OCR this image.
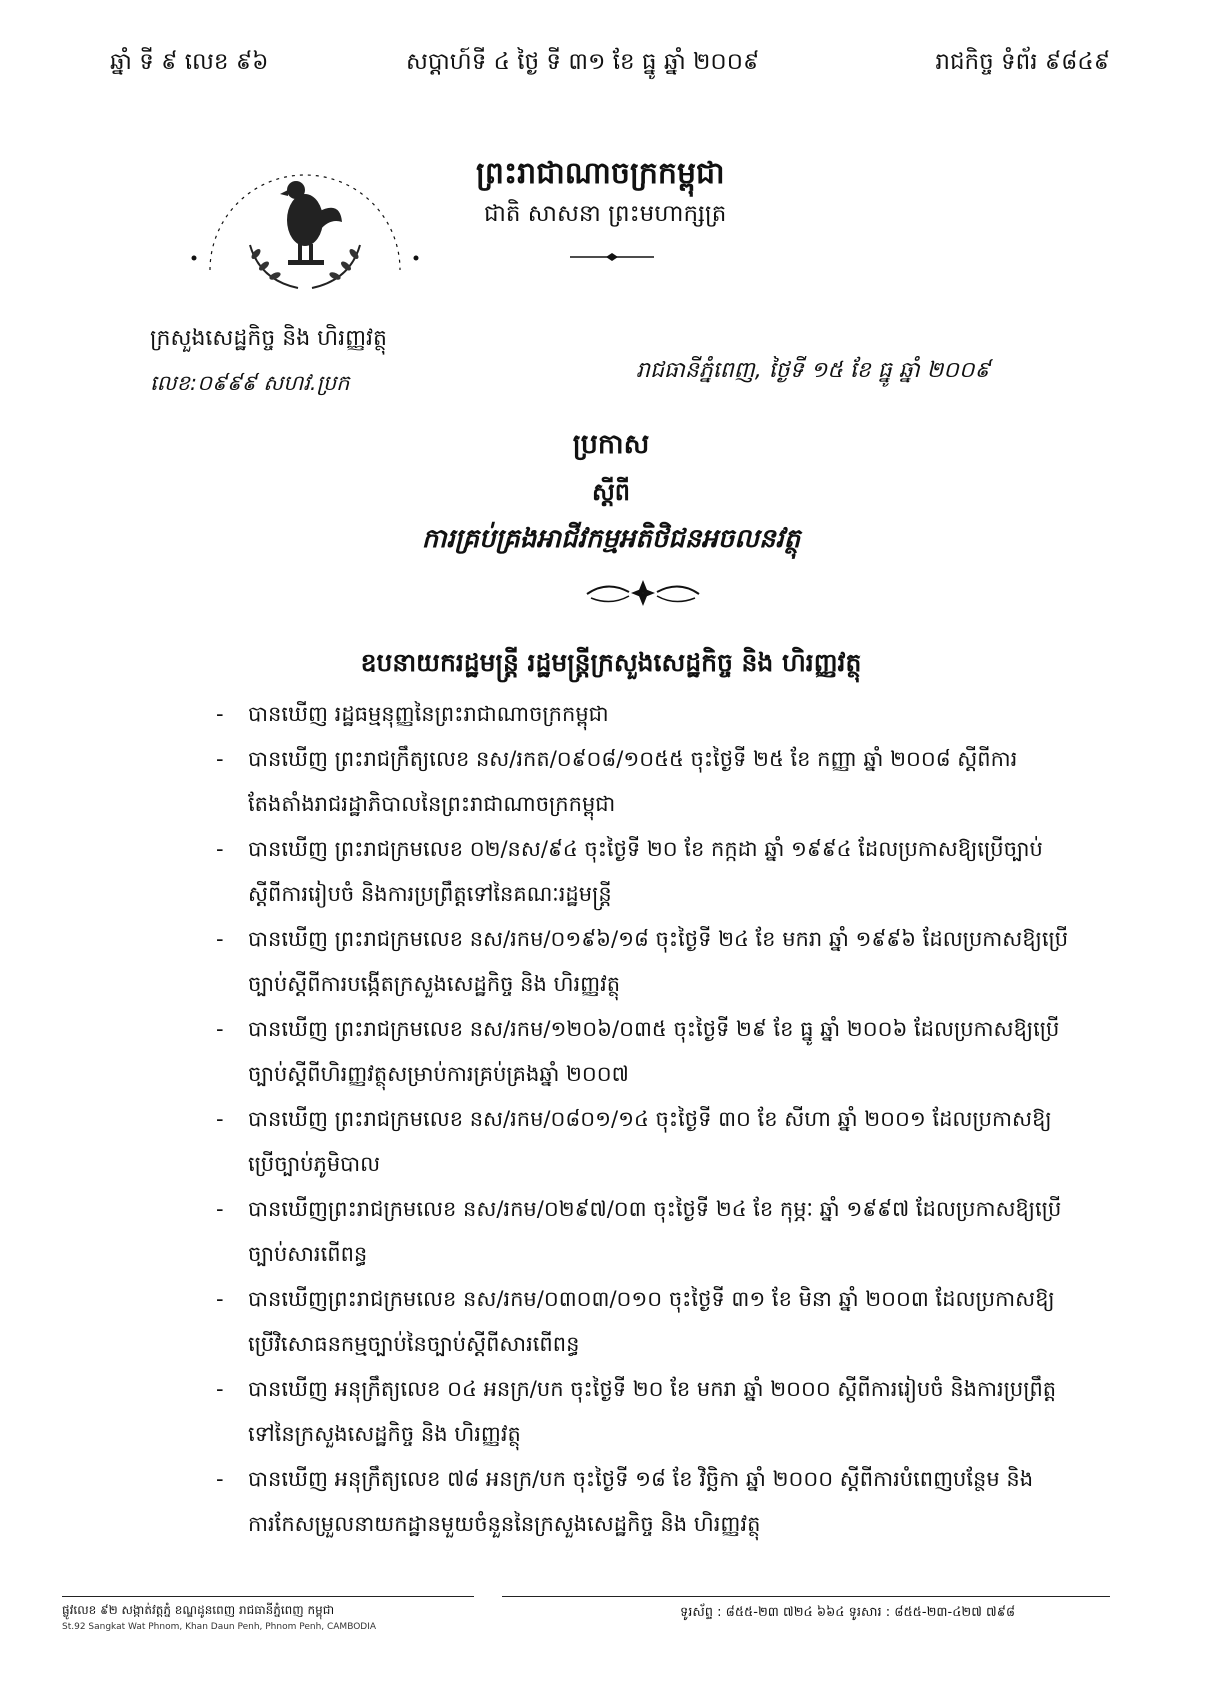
ឆ្នាំ ទី ៩ លេខ ៩៦	សប្តាហ៍ទី ៤ ថ្ងៃ ទី ៣១ ខែ ធ្នូ ឆ្នាំ ២០០៩	រាជកិច្ច ទំព័រ ៩៨៤៩
ក្រសួងសេដ្ឋកិច្ច និង ហិរញ្ញវត្ថុ
លេខ:០៩៩៩ សហវ.ប្រក
ព្រះរាជាណាចក្រកម្ពុជា
ជាតិ សាសនា ព្រះមហាក្សត្រ
រាជធានីភ្នំពេញ, ថ្ងៃទី ១៥ ខែ ធ្នូ ឆ្នាំ ២០០៩
ប្រកាស
ស្តីពី
ការគ្រប់គ្រងអាជីវកម្មអតិថិជនអចលនវត្ថុ
ឧបនាយករដ្ឋមន្ត្រី រដ្ឋមន្ត្រីក្រសួងសេដ្ឋកិច្ច និង ហិរញ្ញវត្ថុ
- បានឃើញ រដ្ឋធម្មនុញ្ញនៃព្រះរាជាណាចក្រកម្ពុជា
- បានឃើញ ព្រះរាជក្រឹត្យលេខ នស/រកត/០៩០៨/១០៥៥ ចុះថ្ងៃទី ២៥ ខែ កញ្ញា ឆ្នាំ ២០០៨ ស្តីពីការតែងតាំងរាជរដ្ឋាភិបាលនៃព្រះរាជាណាចក្រកម្ពុជា
- បានឃើញ ព្រះរាជក្រមលេខ ០២/នស/៩៤ ចុះថ្ងៃទី ២០ ខែ កក្កដា ឆ្នាំ ១៩៩៤ ដែលប្រកាសឱ្យប្រើច្បាប់ស្តីពីការរៀបចំ និងការប្រព្រឹត្តទៅនៃគណៈរដ្ឋមន្ត្រី
- បានឃើញ ព្រះរាជក្រមលេខ នស/រកម/០១៩៦/១៨ ចុះថ្ងៃទី ២៤ ខែ មករា ឆ្នាំ ១៩៩៦ ដែលប្រកាសឱ្យប្រើច្បាប់ស្តីពីការបង្កើតក្រសួងសេដ្ឋកិច្ច និង ហិរញ្ញវត្ថុ
- បានឃើញ ព្រះរាជក្រមលេខ នស/រកម/១២០៦/០៣៥ ចុះថ្ងៃទី ២៩ ខែ ធ្នូ ឆ្នាំ ២០០៦ ដែលប្រកាសឱ្យប្រើច្បាប់ស្តីពីហិរញ្ញវត្ថុសម្រាប់ការគ្រប់គ្រងឆ្នាំ ២០០៧
- បានឃើញ ព្រះរាជក្រមលេខ នស/រកម/០៨០១/១៤ ចុះថ្ងៃទី ៣០ ខែ សីហា ឆ្នាំ ២០០១ ដែលប្រកាសឱ្យប្រើច្បាប់ភូមិបាល
- បានឃើញព្រះរាជក្រមលេខ នស/រកម/០២៩៧/០៣ ចុះថ្ងៃទី ២៤ ខែ កុម្ភៈ ឆ្នាំ ១៩៩៧ ដែលប្រកាសឱ្យប្រើច្បាប់សារពើពន្ធ
- បានឃើញព្រះរាជក្រមលេខ នស/រកម/០៣០៣/០១០ ចុះថ្ងៃទី ៣១ ខែ មិនា ឆ្នាំ ២០០៣ ដែលប្រកាសឱ្យប្រើវិសោធនកម្មច្បាប់នៃច្បាប់ស្តីពីសារពើពន្ធ
- បានឃើញ អនុក្រឹត្យលេខ ០៤ អនក្រ/បក ចុះថ្ងៃទី ២០ ខែ មករា ឆ្នាំ ២០០០ ស្តីពីការរៀបចំ និងការប្រព្រឹត្តទៅនៃក្រសួងសេដ្ឋកិច្ច និង ហិរញ្ញវត្ថុ
- បានឃើញ អនុក្រឹត្យលេខ ៧៨ អនក្រ/បក ចុះថ្ងៃទី ១៨ ខែ វិច្ឆិកា ឆ្នាំ ២០០០ ស្តីពីការបំពេញបន្ថែម និងការកែសម្រួលនាយកដ្ឋានមួយចំនួននៃក្រសួងសេដ្ឋកិច្ច និង ហិរញ្ញវត្ថុ
ផ្លូវលេខ ៩២ សង្កាត់វត្តភ្នំ ខណ្ឌដូនពេញ រាជធានីភ្នំពេញ កម្ពុជា
St.92 Sangkat Wat Phnom, Khan Daun Penh, Phnom Penh, CAMBODIA
ទូរស័ព្ទ : ៨៥៥-២៣ ៧២៤ ៦៦៤ ទូរសារ : ៨៥៥-២៣-៤២៧ ៧៩៨
